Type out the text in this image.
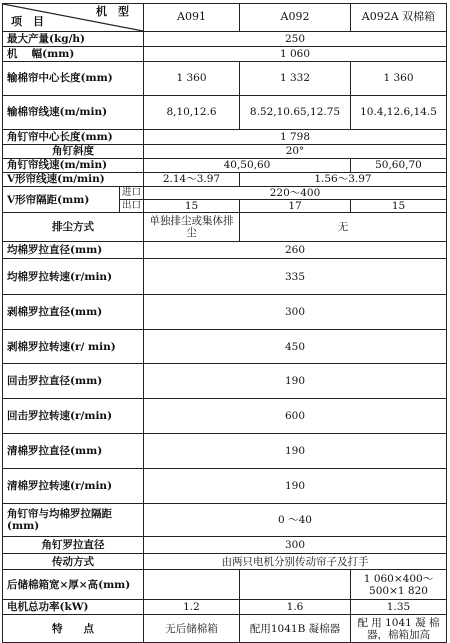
机　型
项　目		A091	A092	A092A 双棉箱
最大产量(kg/h)		250		
机　 幅(mm)		1 060		
输棉帘中心长度(mm)		1 360	1 332	1 360
输棉帘线速(m/min)		8,10,12.6	8.52,10.65,12.75	10.4,12.6,14.5
角钉帘中心长度(mm)		1 798		
角钉斜度		20°		
角钉帘线速(m/min)		40,50,60		50,60,70
V形帘线速(m/min)		2.14～3.97	1.56～3.97	
V形帘隔距(mm)	进口	220～400		
	出口	15	17	15
排尘方式		单独排尘或集体排尘	无	
均棉罗拉直径(mm)		260		
均棉罗拉转速(r/min)		335		
剥棉罗拉直径(mm)		300		
剥棉罗拉转速(r/ min)		450		
回击罗拉直径(mm)		190		
回击罗拉转速(r/min)		600		
清棉罗拉直径(mm)		190		
清棉罗拉转速(r/min)		190		
角钉帘与均棉罗拉隔距(mm)		0 ～40		
角钉罗拉直径		300		
传动方式		由两只电机分别传动帘子及打手		
后储棉箱宽×厚×高(mm)				1 060×400～500×1 820
电机总功率(kW)		1.2	1.6	1.35
特　　点		无后储棉箱	配用1041B 凝棉器	配 用 1041 凝 棉器，棉箱加高
